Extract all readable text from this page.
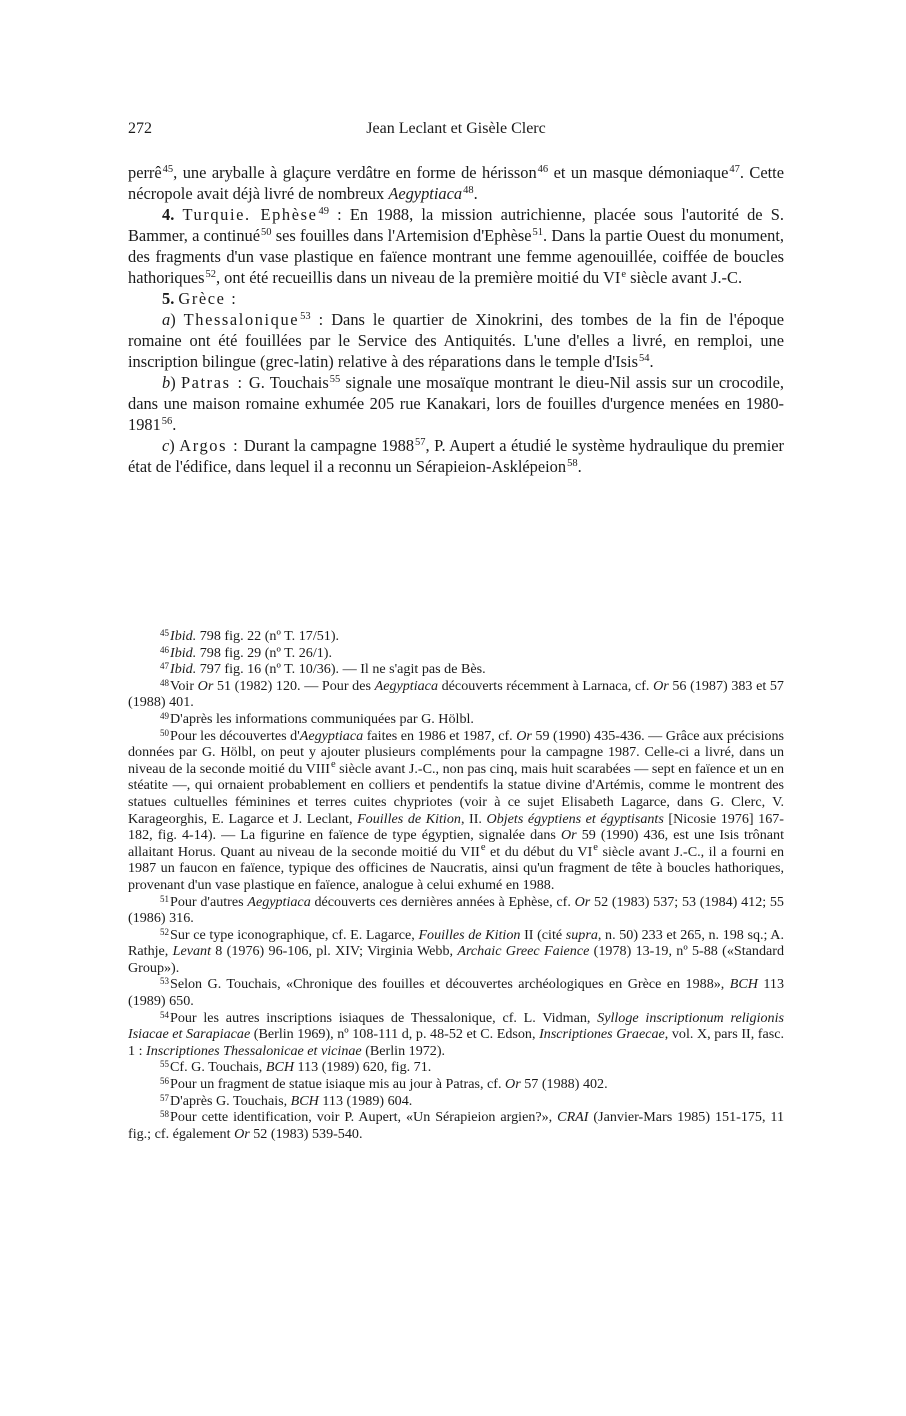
272	Jean Leclant et Gisèle Clerc

perrê$^{45}$, une aryballe à glaçure verdâtre en forme de hérisson$^{46}$ et un masque démoniaque$^{47}$. Cette nécropole avait déjà livré de nombreux Aegyptiaca$^{48}$.

4. Turquie. Ephèse$^{49}$ : En 1988, la mission autrichienne, placée sous l'autorité de S. Bammer, a continué$^{50}$ ses fouilles dans l'Artemision d'Ephèse$^{51}$. Dans la partie Ouest du monument, des fragments d'un vase plastique en faïence montrant une femme agenouillée, coiffée de boucles hathoriques$^{52}$, ont été recueillis dans un niveau de la première moitié du VIe siècle avant J.-C.

5. Grèce :

a) Thessalonique$^{53}$ : Dans le quartier de Xinokrini, des tombes de la fin de l'époque romaine ont été fouillées par le Service des Antiquités. L'une d'elles a livré, en remploi, une inscription bilingue (grec-latin) relative à des réparations dans le temple d'Isis$^{54}$.

b) Patras : G. Touchais$^{55}$ signale une mosaïque montrant le dieu-Nil assis sur un crocodile, dans une maison romaine exhumée 205 rue Kanakari, lors de fouilles d'urgence menées en 1980-1981$^{56}$.

c) Argos : Durant la campagne 1988$^{57}$, P. Aupert a étudié le système hydraulique du premier état de l'édifice, dans lequel il a reconnu un Sérapieion-Asklépeion$^{58}$.

$^{45}$Ibid. 798 fig. 22 (nº T. 17/51).

$^{46}$Ibid. 798 fig. 29 (nº T. 26/1).

$^{47}$Ibid. 797 fig. 16 (nº T. 10/36). — Il ne s'agit pas de Bès.

$^{48}$Voir Or 51 (1982) 120. — Pour des Aegyptiaca découverts récemment à Larnaca, cf. Or 56 (1987) 383 et 57 (1988) 401.

$^{49}$D'après les informations communiquées par G. Hölbl.

$^{50}$Pour les découvertes d'Aegyptiaca faites en 1986 et 1987, cf. Or 59 (1990) 435-436. — Grâce aux précisions données par G. Hölbl, on peut y ajouter plusieurs compléments pour la campagne 1987. Celle-ci a livré, dans un niveau de la seconde moitié du VIIIe siècle avant J.-C., non pas cinq, mais huit scarabées — sept en faïence et un en stéatite —, qui ornaient probablement en colliers et pendentifs la statue divine d'Artémis, comme le montrent des statues cultuelles féminines et terres cuites chypriotes (voir à ce sujet Elisabeth Lagarce, dans G. Clerc, V. Karageorghis, E. Lagarce et J. Leclant, Fouilles de Kition, II. Objets égyptiens et égyptisants [Nicosie 1976] 167-182, fig. 4-14). — La figurine en faïence de type égyptien, signalée dans Or 59 (1990) 436, est une Isis trônant allaitant Horus. Quant au niveau de la seconde moitié du VIIe et du début du VIe siècle avant J.-C., il a fourni en 1987 un faucon en faïence, typique des officines de Naucratis, ainsi qu'un fragment de tête à boucles hathoriques, provenant d'un vase plastique en faïence, analogue à celui exhumé en 1988.

$^{51}$Pour d'autres Aegyptiaca découverts ces dernières années à Ephèse, cf. Or 52 (1983) 537; 53 (1984) 412; 55 (1986) 316.

$^{52}$Sur ce type iconographique, cf. E. Lagarce, Fouilles de Kition II (cité supra, n. 50) 233 et 265, n. 198 sq.; A. Rathje, Levant 8 (1976) 96-106, pl. XIV; Virginia Webb, Archaic Greec Faience (1978) 13-19, nº 5-88 («Standard Group»).

$^{53}$Selon G. Touchais, «Chronique des fouilles et découvertes archéologiques en Grèce en 1988», BCH 113 (1989) 650.

$^{54}$Pour les autres inscriptions isiaques de Thessalonique, cf. L. Vidman, Sylloge inscriptionum religionis Isiacae et Sarapiacae (Berlin 1969), nº 108-111 d, p. 48-52 et C. Edson, Inscriptiones Graecae, vol. X, pars II, fasc. 1 : Inscriptiones Thessalonicae et vicinae (Berlin 1972).

$^{55}$Cf. G. Touchais, BCH 113 (1989) 620, fig. 71.

$^{56}$Pour un fragment de statue isiaque mis au jour à Patras, cf. Or 57 (1988) 402.

$^{57}$D'après G. Touchais, BCH 113 (1989) 604.

$^{58}$Pour cette identification, voir P. Aupert, «Un Sérapieion argien?», CRAI (Janvier-Mars 1985) 151-175, 11 fig.; cf. également Or 52 (1983) 539-540.
